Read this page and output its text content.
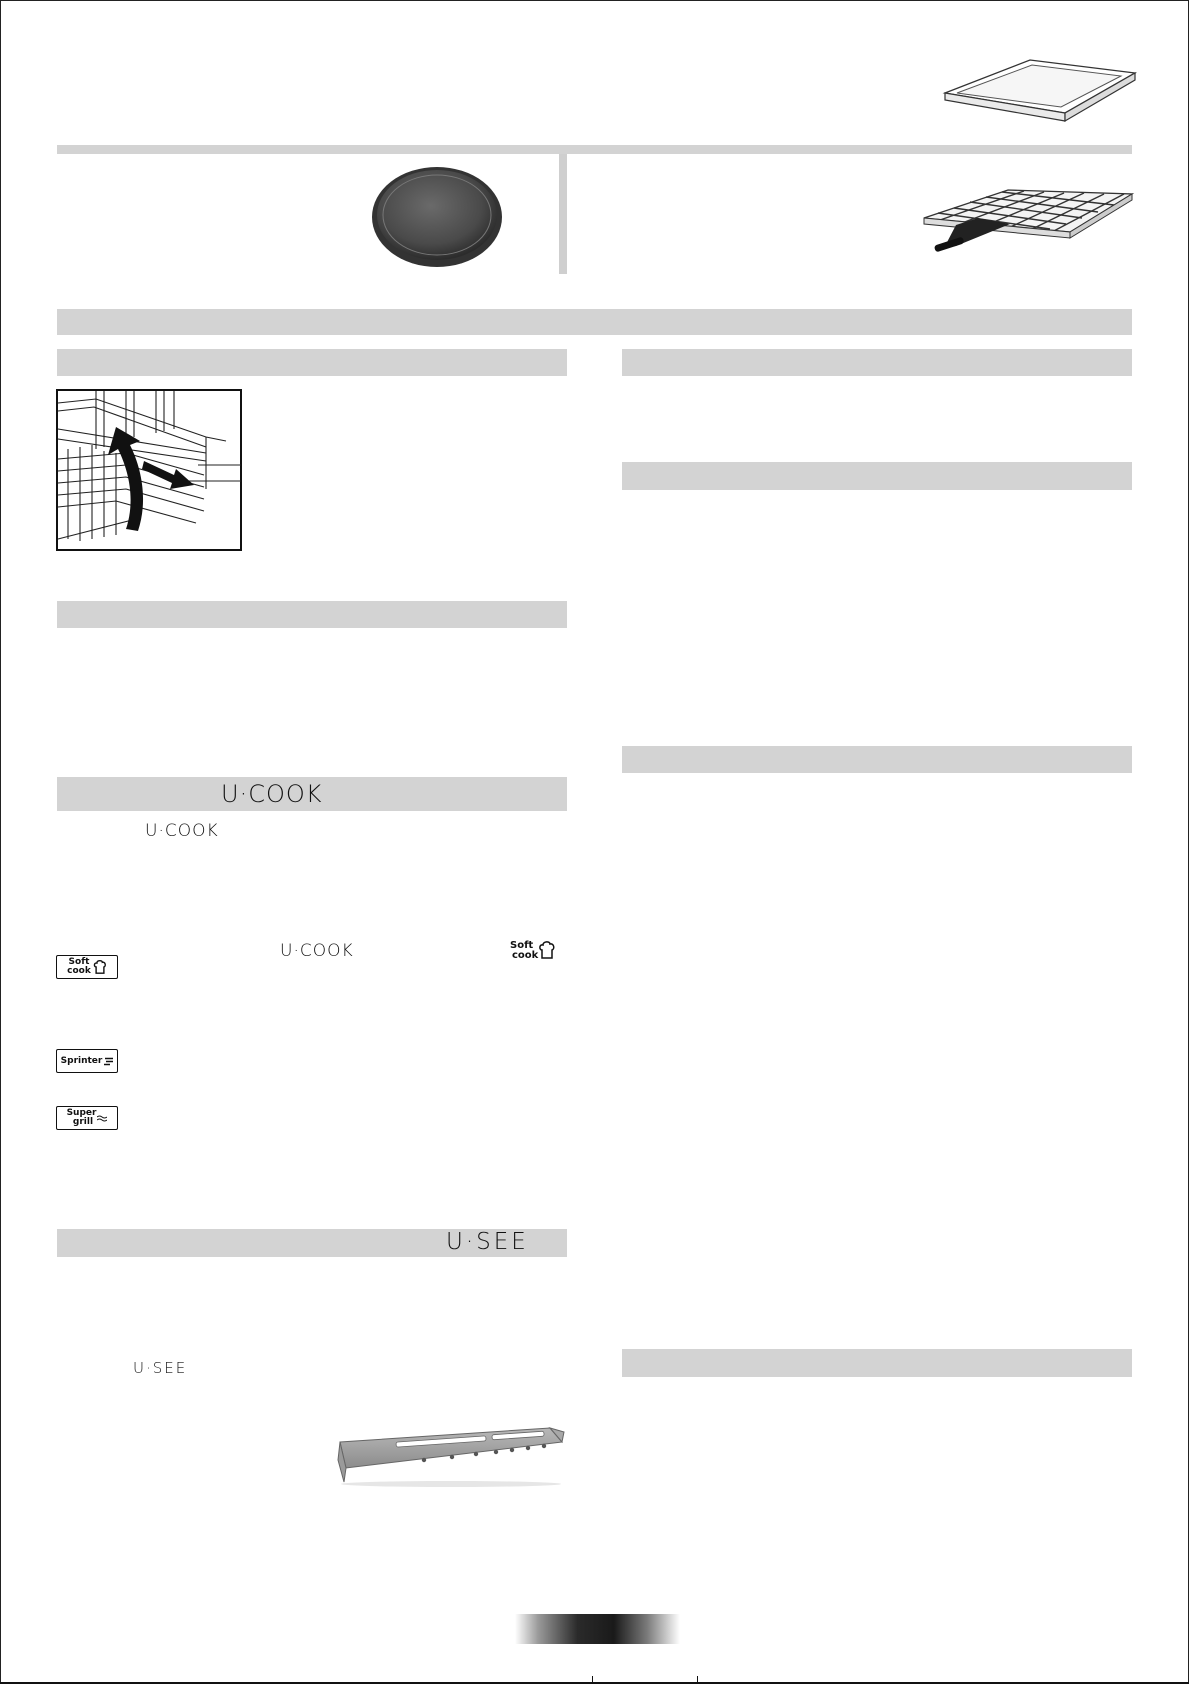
U·COOK
U·COOK
U·COOK	Soft
cook
Soft
cook
Sprinter
Super
grill
U·SEE
U·SEE
